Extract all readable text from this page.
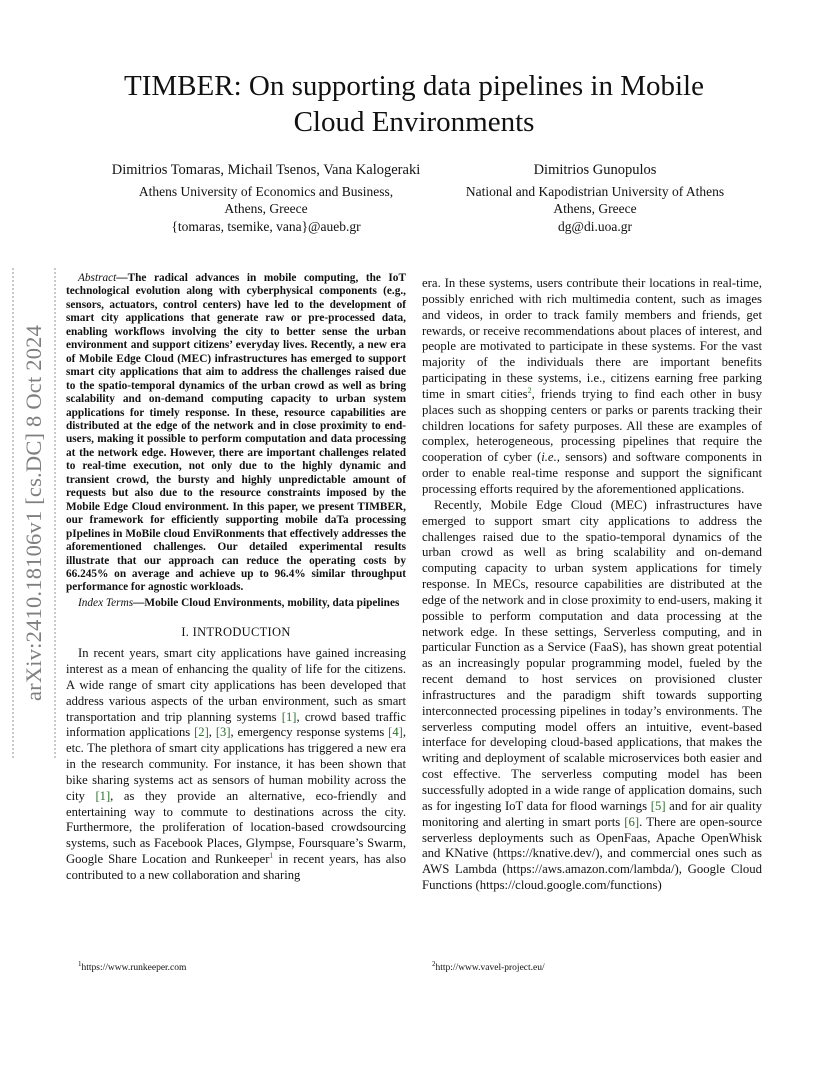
arXiv:2410.18106v1 [cs.DC] 8 Oct 2024
TIMBER: On supporting data pipelines in Mobile
Cloud Environments
Dimitrios Tomaras, Michail Tsenos, Vana Kalogeraki
Athens University of Economics and Business,
Athens, Greece
{tomaras, tsemike, vana}@aueb.gr
Dimitrios Gunopulos
National and Kapodistrian University of Athens
Athens, Greece
dg@di.uoa.gr

Abstract—The radical advances in mobile computing, the IoT technological evolution along with cyberphysical components (e.g., sensors, actuators, control centers) have led to the development of smart city applications that generate raw or pre-processed data, enabling workflows involving the city to better sense the urban environment and support citizens’ everyday lives. Recently, a new era of Mobile Edge Cloud (MEC) infrastructures has emerged to support smart city applications that aim to address the challenges raised due to the spatio-temporal dynamics of the urban crowd as well as bring scalability and on-demand computing capacity to urban system applications for timely response. In these, resource capabilities are distributed at the edge of the network and in close proximity to end-users, making it possible to perform computation and data processing at the network edge. However, there are important challenges related to real-time execution, not only due to the highly dynamic and transient crowd, the bursty and highly unpredictable amount of requests but also due to the resource constraints imposed by the Mobile Edge Cloud environment. In this paper, we present TIMBER, our framework for efficiently supporting mobile daTa processing pIpelines in MoBile cloud EnviRonments that effectively addresses the aforementioned challenges. Our detailed experimental results illustrate that our approach can reduce the operating costs by 66.245% on average and achieve up to 96.4% similar throughput performance for agnostic workloads.

Index Terms—Mobile Cloud Environments, mobility, data pipelines

I. INTRODUCTION

In recent years, smart city applications have gained increasing interest as a mean of enhancing the quality of life for the citizens. A wide range of smart city applications has been developed that address various aspects of the urban environment, such as smart transportation and trip planning systems [1], crowd based traffic information applications [2], [3], emergency response systems [4], etc. The plethora of smart city applications has triggered a new era in the research community. For instance, it has been shown that bike sharing systems act as sensors of human mobility across the city [1], as they provide an alternative, eco-friendly and entertaining way to commute to destinations across the city. Furthermore, the proliferation of location-based crowdsourcing systems, such as Facebook Places, Glympse, Foursquare’s Swarm, Google Share Location and Runkeeper$^1$ in recent years, has also contributed to a new collaboration and sharing

era. In these systems, users contribute their locations in real-time, possibly enriched with rich multimedia content, such as images and videos, in order to track family members and friends, get rewards, or receive recommendations about places of interest, and people are motivated to participate in these systems. For the vast majority of the individuals there are important benefits participating in these systems, i.e., citizens earning free parking time in smart cities$^2$, friends trying to find each other in busy places such as shopping centers or parks or parents tracking their children locations for safety purposes. All these are examples of complex, heterogeneous, processing pipelines that require the cooperation of cyber (i.e., sensors) and software components in order to enable real-time response and support the significant processing efforts required by the aforementioned applications.

Recently, Mobile Edge Cloud (MEC) infrastructures have emerged to support smart city applications to address the challenges raised due to the spatio-temporal dynamics of the urban crowd as well as bring scalability and on-demand computing capacity to urban system applications for timely response. In MECs, resource capabilities are distributed at the edge of the network and in close proximity to end-users, making it possible to perform computation and data processing at the network edge. In these settings, Serverless computing, and in particular Function as a Service (FaaS), has shown great potential as an increasingly popular programming model, fueled by the recent demand to host services on provisioned cluster infrastructures and the paradigm shift towards supporting interconnected processing pipelines in today’s environments. The serverless computing model offers an intuitive, event-based interface for developing cloud-based applications, that makes the writing and deployment of scalable microservices both easier and cost effective. The serverless computing model has been successfully adopted in a wide range of application domains, such as for ingesting IoT data for flood warnings [5] and for air quality monitoring and alerting in smart ports [6]. There are open-source serverless deployments such as OpenFaas, Apache OpenWhisk and KNative (https://knative.dev/), and commercial ones such as AWS Lambda (https://aws.amazon.com/lambda/), Google Cloud Functions (https://cloud.google.com/functions)

$^1$https://www.runkeeper.com	$^2$http://www.vavel-project.eu/
